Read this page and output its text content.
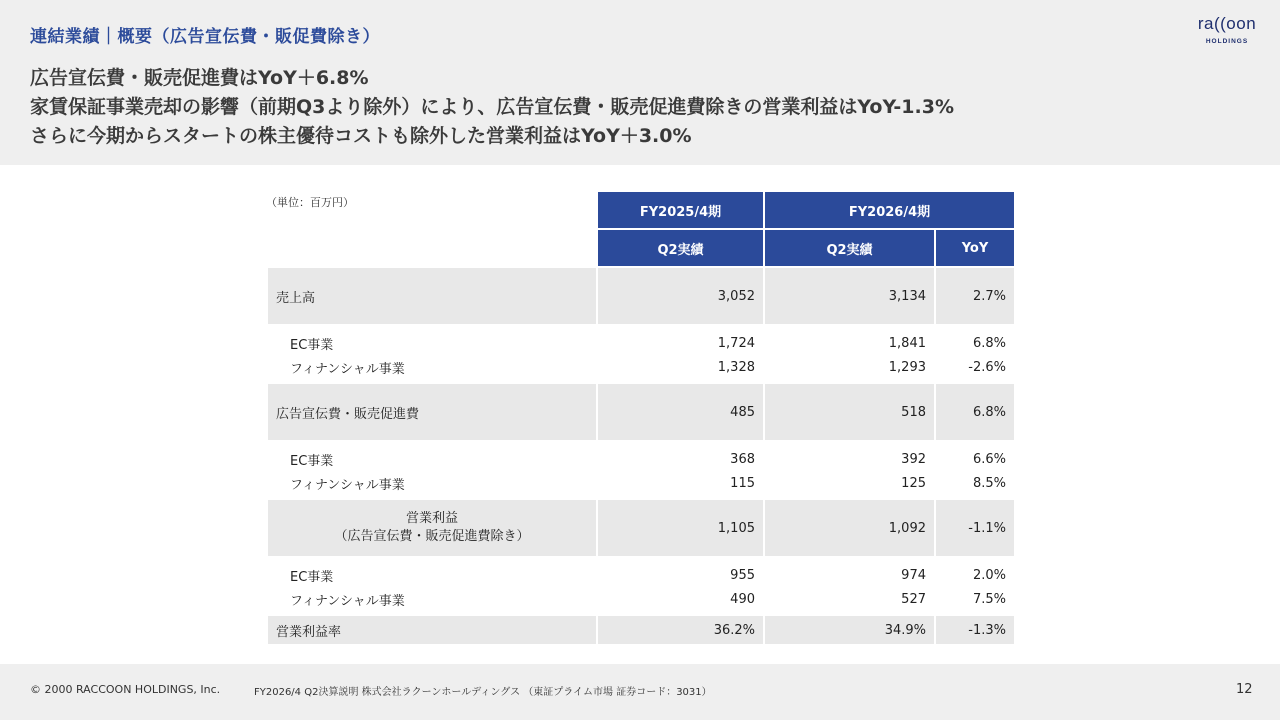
連結業績｜概要（広告宣伝費・販促費除き）
ra((oon
HOLDINGS
広告宣伝費・販売促進費はYoY＋6.8%
家賃保証事業売却の影響（前期Q3より除外）により、広告宣伝費・販売促進費除きの営業利益はYoY-1.3%
さらに今期からスタートの株主優待コストも除外した営業利益はYoY＋3.0%
（単位：百万円）
	FY2025/4期	FY2026/4期	
	Q2実績	Q2実績	YoY
売上高	3,052	3,134	2.7%
EC事業	1,724	1,841	6.8%
フィナンシャル事業	1,328	1,293	-2.6%
広告宣伝費・販売促進費	485	518	6.8%
EC事業	368	392	6.6%
フィナンシャル事業	115	125	8.5%

営業利益
（広告宣伝費・販売促進費除き）	1,105	1,092	-1.1%
EC事業	955	974	2.0%
フィナンシャル事業	490	527	7.5%
営業利益率	36.2%	34.9%	-1.3%
© 2000 RACCOON HOLDINGS, Inc.	FY2026/4 Q2決算説明 株式会社ラクーンホールディングス （東証プライム市場 証券コード：3031）	12
